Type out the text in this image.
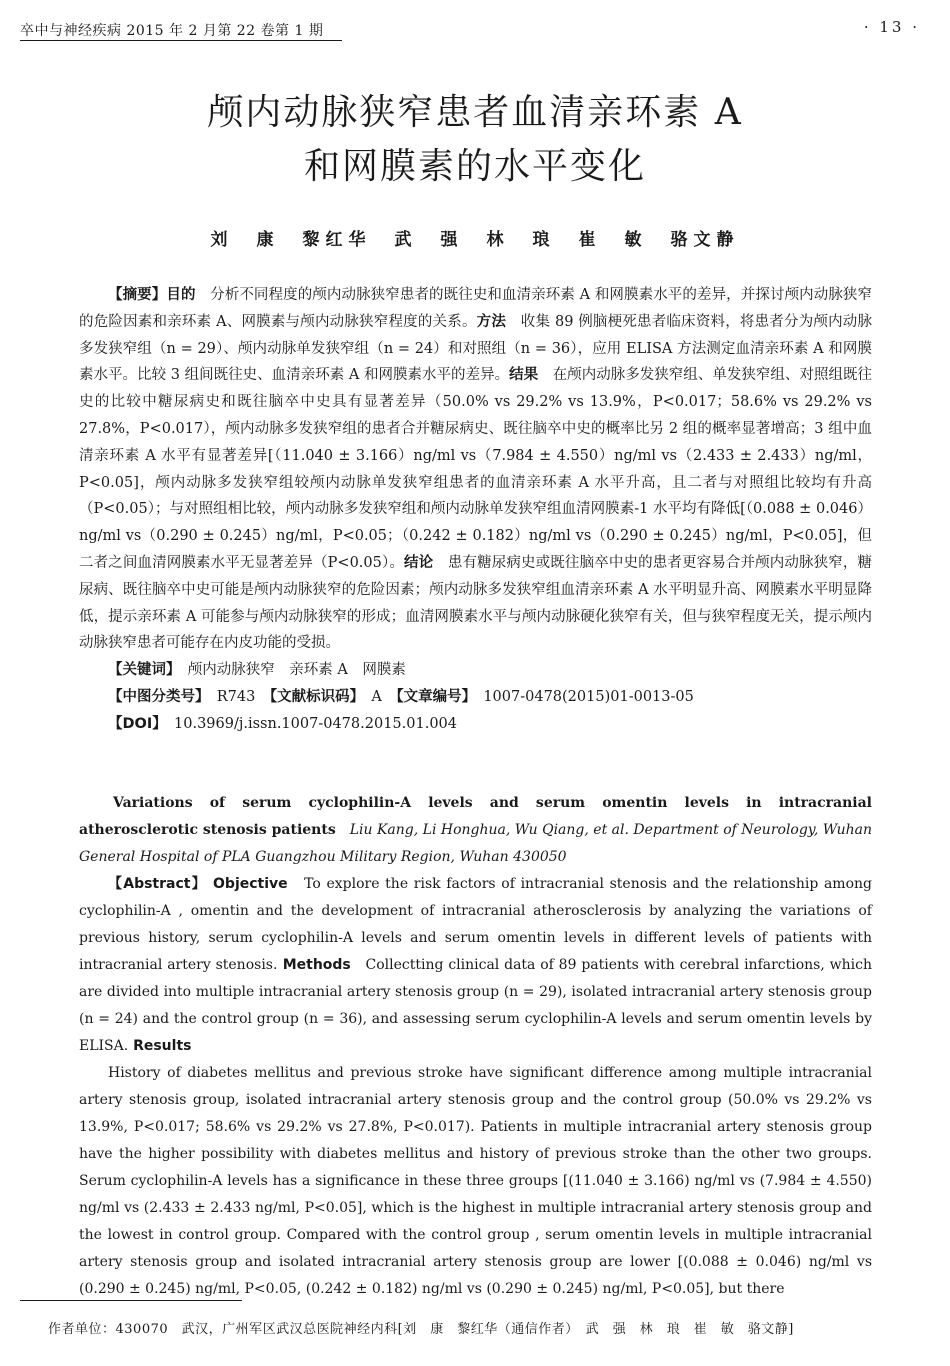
卒中与神经疾病 2015 年 2 月第 22 卷第 1 期	· 13 ·
颅内动脉狭窄患者血清亲环素 A
和网膜素的水平变化
刘　康　黎红华　武　强　林　琅　崔　敏　骆文静

【摘要】目的　分析不同程度的颅内动脉狭窄患者的既往史和血清亲环素 A 和网膜素水平的差异，并探讨颅内动脉狭窄的危险因素和亲环素 A、网膜素与颅内动脉狭窄程度的关系。方法　收集 89 例脑梗死患者临床资料，将患者分为颅内动脉多发狭窄组（n = 29）、颅内动脉单发狭窄组（n = 24）和对照组（n = 36），应用 ELISA 方法测定血清亲环素 A 和网膜素水平。比较 3 组间既往史、血清亲环素 A 和网膜素水平的差异。结果　在颅内动脉多发狭窄组、单发狭窄组、对照组既往史的比较中糖尿病史和既往脑卒中史具有显著差异（50.0% vs 29.2% vs 13.9%，P<0.017；58.6% vs 29.2% vs 27.8%，P<0.017），颅内动脉多发狭窄组的患者合并糖尿病史、既往脑卒中史的概率比另 2 组的概率显著增高；3 组中血清亲环素 A 水平有显著差异[（11.040 ± 3.166）ng/ml vs（7.984 ± 4.550）ng/ml vs（2.433 ± 2.433）ng/ml，P<0.05]，颅内动脉多发狭窄组较颅内动脉单发狭窄组患者的血清亲环素 A 水平升高，且二者与对照组比较均有升高（P<0.05）；与对照组相比较，颅内动脉多发狭窄组和颅内动脉单发狭窄组血清网膜素-1 水平均有降低[（0.088 ± 0.046）ng/ml vs（0.290 ± 0.245）ng/ml，P<0.05；（0.242 ± 0.182）ng/ml vs（0.290 ± 0.245）ng/ml，P<0.05]，但二者之间血清网膜素水平无显著差异（P<0.05）。结论　患有糖尿病史或既往脑卒中史的患者更容易合并颅内动脉狭窄，糖尿病、既往脑卒中史可能是颅内动脉狭窄的危险因素；颅内动脉多发狭窄组血清亲环素 A 水平明显升高、网膜素水平明显降低，提示亲环素 A 可能参与颅内动脉狭窄的形成；血清网膜素水平与颅内动脉硬化狭窄有关，但与狭窄程度无关，提示颅内动脉狭窄患者可能存在内皮功能的受损。

【关键词】　颅内动脉狭窄　亲环素 A　网膜素

【中图分类号】　R743　【文献标识码】　A　【文章编号】　1007-0478(2015)01-0013-05

【DOI】　10.3969/j.issn.1007-0478.2015.01.004

Variations of serum cyclophilin-A levels and serum omentin levels in intracranial atherosclerotic stenosis patients　Liu Kang, Li Honghua, Wu Qiang, et al. Department of Neurology, Wuhan General Hospital of PLA Guangzhou Military Region, Wuhan 430050

【Abstract】 Objective　To explore the risk factors of intracranial stenosis and the relationship among cyclophilin-A , omentin and the development of intracranial atherosclerosis by analyzing the variations of previous history, serum cyclophilin-A levels and serum omentin levels in different levels of patients with intracranial artery stenosis. Methods　Collectting clinical data of 89 patients with cerebral infarctions, which are divided into multiple intracranial artery stenosis group (n = 29), isolated intracranial artery stenosis group (n = 24) and the control group (n = 36), and assessing serum cyclophilin-A levels and serum omentin levels by ELISA. Results

History of diabetes mellitus and previous stroke have significant difference among multiple intracranial artery stenosis group, isolated intracranial artery stenosis group and the control group (50.0% vs 29.2% vs 13.9%, P<0.017; 58.6% vs 29.2% vs 27.8%, P<0.017). Patients in multiple intracranial artery stenosis group have the higher possibility with diabetes mellitus and history of previous stroke than the other two groups. Serum cyclophilin-A levels has a significance in these three groups [(11.040 ± 3.166) ng/ml vs (7.984 ± 4.550) ng/ml vs (2.433 ± 2.433 ng/ml, P<0.05], which is the highest in multiple intracranial artery stenosis group and the lowest in control group. Compared with the control group , serum omentin levels in multiple intracranial artery stenosis group and isolated intracranial artery stenosis group are lower [(0.088 ± 0.046) ng/ml vs (0.290 ± 0.245) ng/ml, P<0.05, (0.242 ± 0.182) ng/ml vs (0.290 ± 0.245) ng/ml, P<0.05], but there

作者单位：430070　武汉，广州军区武汉总医院神经内科[刘　康　黎红华（通信作者）　武　强　林　琅　崔　敏　骆文静]
